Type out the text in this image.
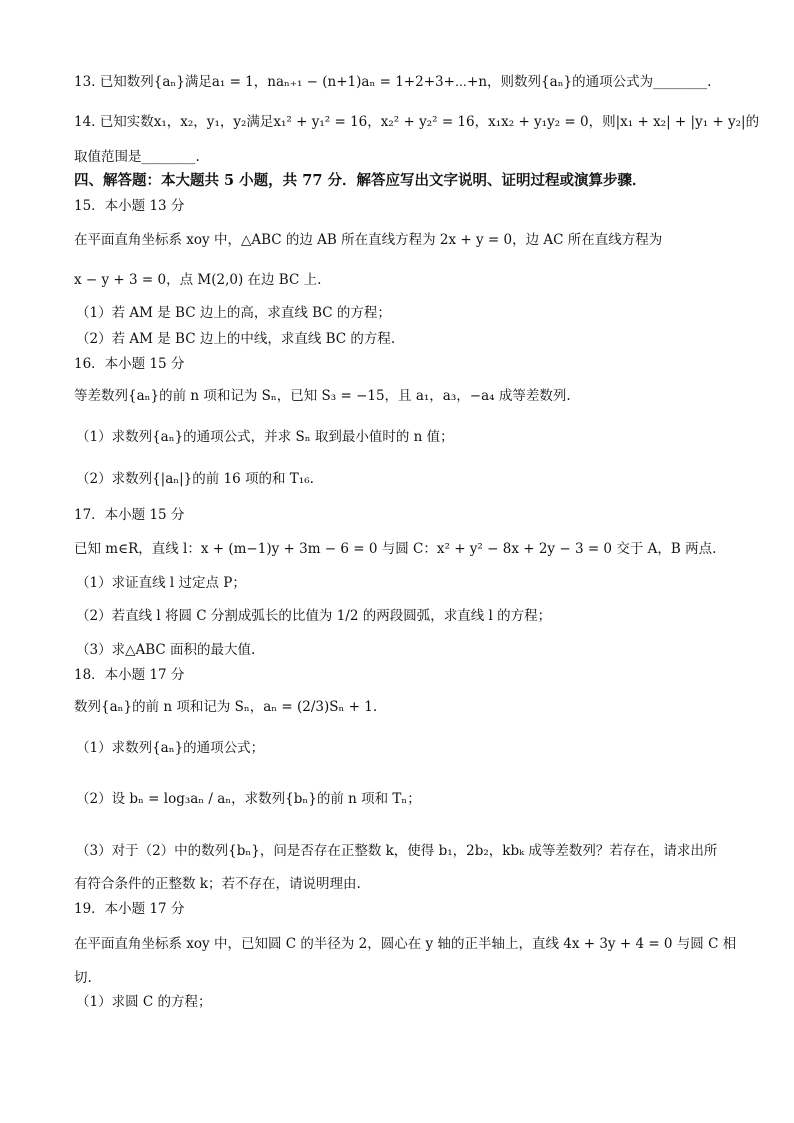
13. 已知数列{aₙ}满足a₁ = 1，naₙ₊₁ − (n+1)aₙ = 1+2+3+⋯+n，则数列{aₙ}的通项公式为________.
14. 已知实数x₁，x₂，y₁，y₂满足x₁² + y₁² = 16，x₂² + y₂² = 16，x₁x₂ + y₁y₂ = 0，则|x₁ + x₂| + |y₁ + y₂|的
取值范围是________.
四、解答题：本大题共 5 小题，共 77 分．解答应写出文字说明、证明过程或演算步骤．
15．本小题 13 分
在平面直角坐标系 xoy 中，△ABC 的边 AB 所在直线方程为 2x + y = 0，边 AC 所在直线方程为
x − y + 3 = 0，点 M(2,0) 在边 BC 上.
（1）若 AM 是 BC 边上的高，求直线 BC 的方程；
（2）若 AM 是 BC 边上的中线，求直线 BC 的方程.
16．本小题 15 分
等差数列{aₙ}的前 n 项和记为 Sₙ，已知 S₃ = −15，且 a₁，a₃，−a₄ 成等差数列.
（1）求数列{aₙ}的通项公式，并求 Sₙ 取到最小值时的 n 值；
（2）求数列{|aₙ|}的前 16 项的和 T₁₆.
17．本小题 15 分
已知 m∈R，直线 l：x + (m−1)y + 3m − 6 = 0 与圆 C：x² + y² − 8x + 2y − 3 = 0 交于 A，B 两点.
（1）求证直线 l 过定点 P；
（2）若直线 l 将圆 C 分割成弧长的比值为 1/2 的两段圆弧，求直线 l 的方程；
（3）求△ABC 面积的最大值.
18．本小题 17 分
数列{aₙ}的前 n 项和记为 Sₙ，aₙ = (2/3)Sₙ + 1.
（1）求数列{aₙ}的通项公式；
（2）设 bₙ = log₃aₙ / aₙ，求数列{bₙ}的前 n 项和 Tₙ；
（3）对于（2）中的数列{bₙ}，问是否存在正整数 k，使得 b₁，2b₂，kbₖ 成等差数列？若存在，请求出所
有符合条件的正整数 k；若不存在，请说明理由.
19．本小题 17 分
在平面直角坐标系 xoy 中，已知圆 C 的半径为 2，圆心在 y 轴的正半轴上，直线 4x + 3y + 4 = 0 与圆 C 相
切.
（1）求圆 C 的方程；
